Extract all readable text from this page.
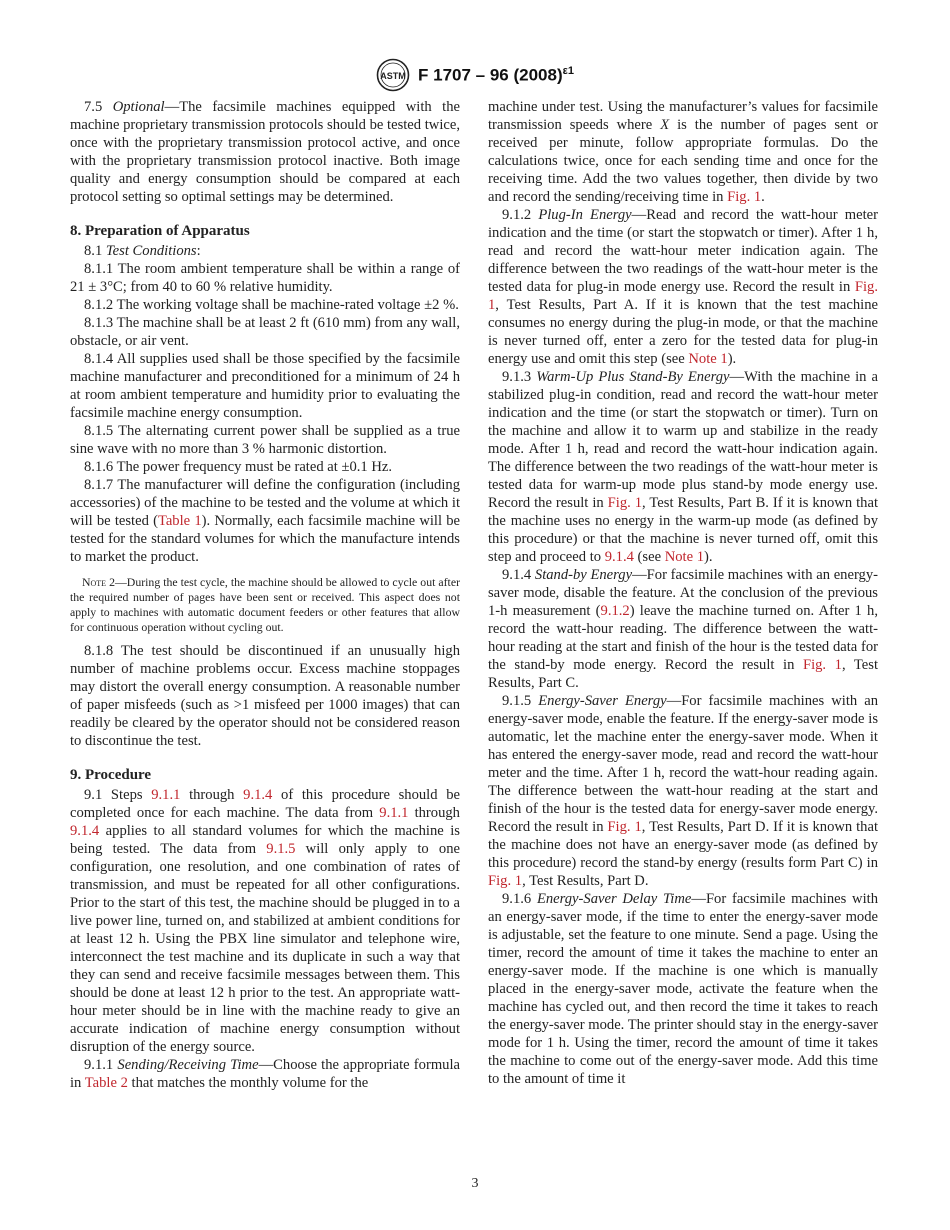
ASTM F 1707 – 96 $(2008)^{\varepsilon 1}$

7.5 Optional—The facsimile machines equipped with the machine proprietary transmission protocols should be tested twice, once with the proprietary transmission protocol active, and once with the proprietary transmission protocol inactive. Both image quality and energy consumption should be compared at each protocol setting so optimal settings may be determined.

8. Preparation of Apparatus

8.1 Test Conditions:

8.1.1 The room ambient temperature shall be within a range of 21 ± 3°C; from 40 to 60 % relative humidity.

8.1.2 The working voltage shall be machine-rated voltage ±2 %.

8.1.3 The machine shall be at least 2 ft (610 mm) from any wall, obstacle, or air vent.

8.1.4 All supplies used shall be those specified by the facsimile machine manufacturer and preconditioned for a minimum of 24 h at room ambient temperature and humidity prior to evaluating the facsimile machine energy consumption.

8.1.5 The alternating current power shall be supplied as a true sine wave with no more than 3 % harmonic distortion.

8.1.6 The power frequency must be rated at ±0.1 Hz.

8.1.7 The manufacturer will define the configuration (including accessories) of the machine to be tested and the volume at which it will be tested (Table 1). Normally, each facsimile machine will be tested for the standard volumes for which the manufacture intends to market the product.

Note 2—During the test cycle, the machine should be allowed to cycle out after the required number of pages have been sent or received. This aspect does not apply to machines with automatic document feeders or other features that allow for continuous operation without cycling out.

8.1.8 The test should be discontinued if an unusually high number of machine problems occur. Excess machine stoppages may distort the overall energy consumption. A reasonable number of paper misfeeds (such as >1 misfeed per 1000 images) that can readily be cleared by the operator should not be considered reason to discontinue the test.

9. Procedure

9.1 Steps 9.1.1 through 9.1.4 of this procedure should be completed once for each machine. The data from 9.1.1 through 9.1.4 applies to all standard volumes for which the machine is being tested. The data from 9.1.5 will only apply to one configuration, one resolution, and one combination of rates of transmission, and must be repeated for all other configurations. Prior to the start of this test, the machine should be plugged in to a live power line, turned on, and stabilized at ambient conditions for at least 12 h. Using the PBX line simulator and telephone wire, interconnect the test machine and its duplicate in such a way that they can send and receive facsimile messages between them. This should be done at least 12 h prior to the test. An appropriate watt-hour meter should be in line with the machine ready to give an accurate indication of machine energy consumption without disruption of the energy source.

9.1.1 Sending/Receiving Time—Choose the appropriate formula in Table 2 that matches the monthly volume for the

machine under test. Using the manufacturer’s values for facsimile transmission speeds where X is the number of pages sent or received per minute, follow appropriate formulas. Do the calculations twice, once for each sending time and once for the receiving time. Add the two values together, then divide by two and record the sending/receiving time in Fig. 1.

9.1.2 Plug-In Energy—Read and record the watt-hour meter indication and the time (or start the stopwatch or timer). After 1 h, read and record the watt-hour meter indication again. The difference between the two readings of the watt-hour meter is the tested data for plug-in mode energy use. Record the result in Fig. 1, Test Results, Part A. If it is known that the test machine consumes no energy during the plug-in mode, or that the machine is never turned off, enter a zero for the tested data for plug-in energy use and omit this step (see Note 1).

9.1.3 Warm-Up Plus Stand-By Energy—With the machine in a stabilized plug-in condition, read and record the watt-hour meter indication and the time (or start the stopwatch or timer). Turn on the machine and allow it to warm up and stabilize in the ready mode. After 1 h, read and record the watt-hour indication again. The difference between the two readings of the watt-hour meter is tested data for warm-up mode plus stand-by mode energy use. Record the result in Fig. 1, Test Results, Part B. If it is known that the machine uses no energy in the warm-up mode (as defined by this procedure) or that the machine is never turned off, omit this step and proceed to 9.1.4 (see Note 1).

9.1.4 Stand-by Energy—For facsimile machines with an energy-saver mode, disable the feature. At the conclusion of the previous 1-h measurement (9.1.2) leave the machine turned on. After 1 h, record the watt-hour reading. The difference between the watt-hour reading at the start and finish of the hour is the tested data for the stand-by mode energy. Record the result in Fig. 1, Test Results, Part C.

9.1.5 Energy-Saver Energy—For facsimile machines with an energy-saver mode, enable the feature. If the energy-saver mode is automatic, let the machine enter the energy-saver mode. When it has entered the energy-saver mode, read and record the watt-hour meter and the time. After 1 h, record the watt-hour reading again. The difference between the watt-hour reading at the start and finish of the hour is the tested data for energy-saver mode energy. Record the result in Fig. 1, Test Results, Part D. If it is known that the machine does not have an energy-saver mode (as defined by this procedure) record the stand-by energy (results form Part C) in Fig. 1, Test Results, Part D.

9.1.6 Energy-Saver Delay Time—For facsimile machines with an energy-saver mode, if the time to enter the energy-saver mode is adjustable, set the feature to one minute. Send a page. Using the timer, record the amount of time it takes the machine to enter an energy-saver mode. If the machine is one which is manually placed in the energy-saver mode, activate the feature when the machine has cycled out, and then record the time it takes to reach the energy-saver mode. The printer should stay in the energy-saver mode for 1 h. Using the timer, record the amount of time it takes the machine to come out of the energy-saver mode. Add this time to the amount of time it

3
